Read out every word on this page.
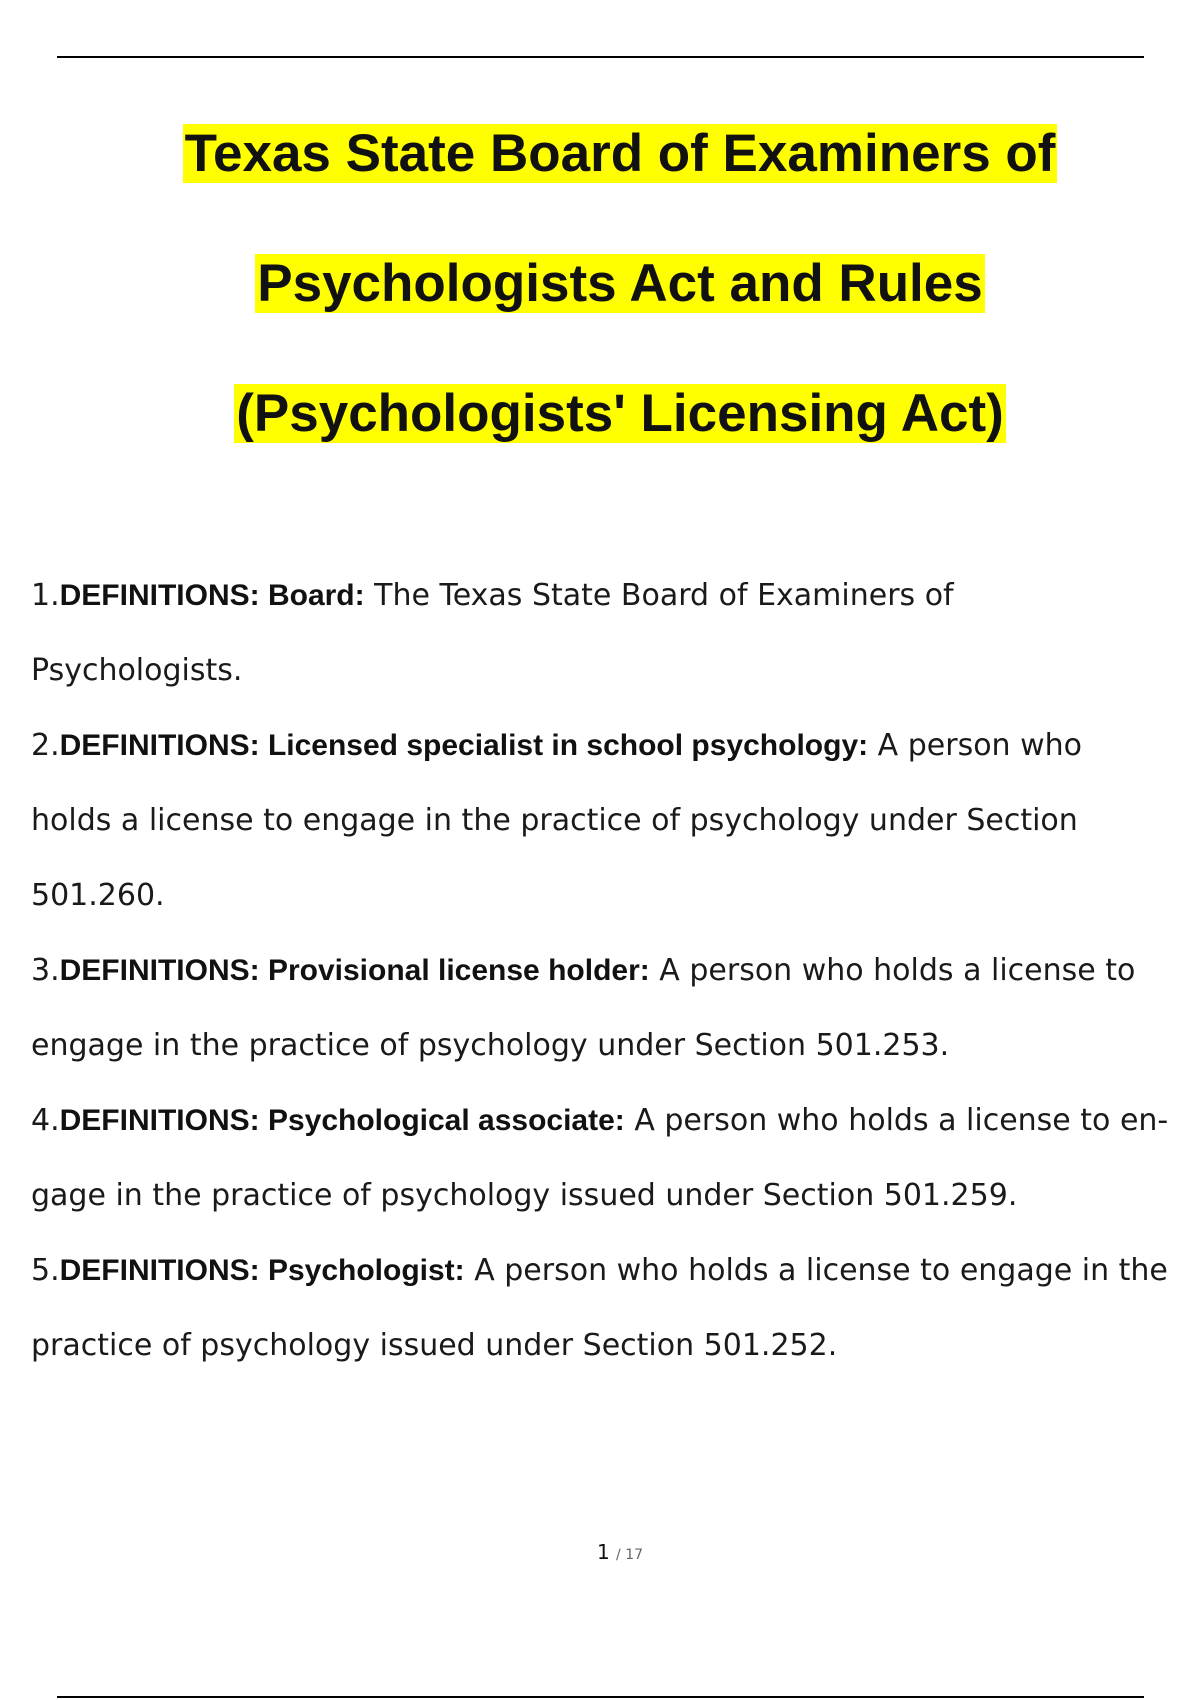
Texas State Board of Examiners of
Psychologists Act and Rules
(Psychologists' Licensing Act)

1.DEFINITIONS: Board: The Texas State Board of Examiners of Psychologists.

2.DEFINITIONS: Licensed specialist in school psychology: A person who holds a license to engage in the practice of psychology under Section 501.260.

3.DEFINITIONS: Provisional license holder: A person who holds a license to engage in the practice of psychology under Section 501.253.

4.DEFINITIONS: Psychological associate: A person who holds a license to en- gage in the practice of psychology issued under Section 501.259.

5.DEFINITIONS: Psychologist: A person who holds a license to engage in the practice of psychology issued under Section 501.252.

1 / 17
